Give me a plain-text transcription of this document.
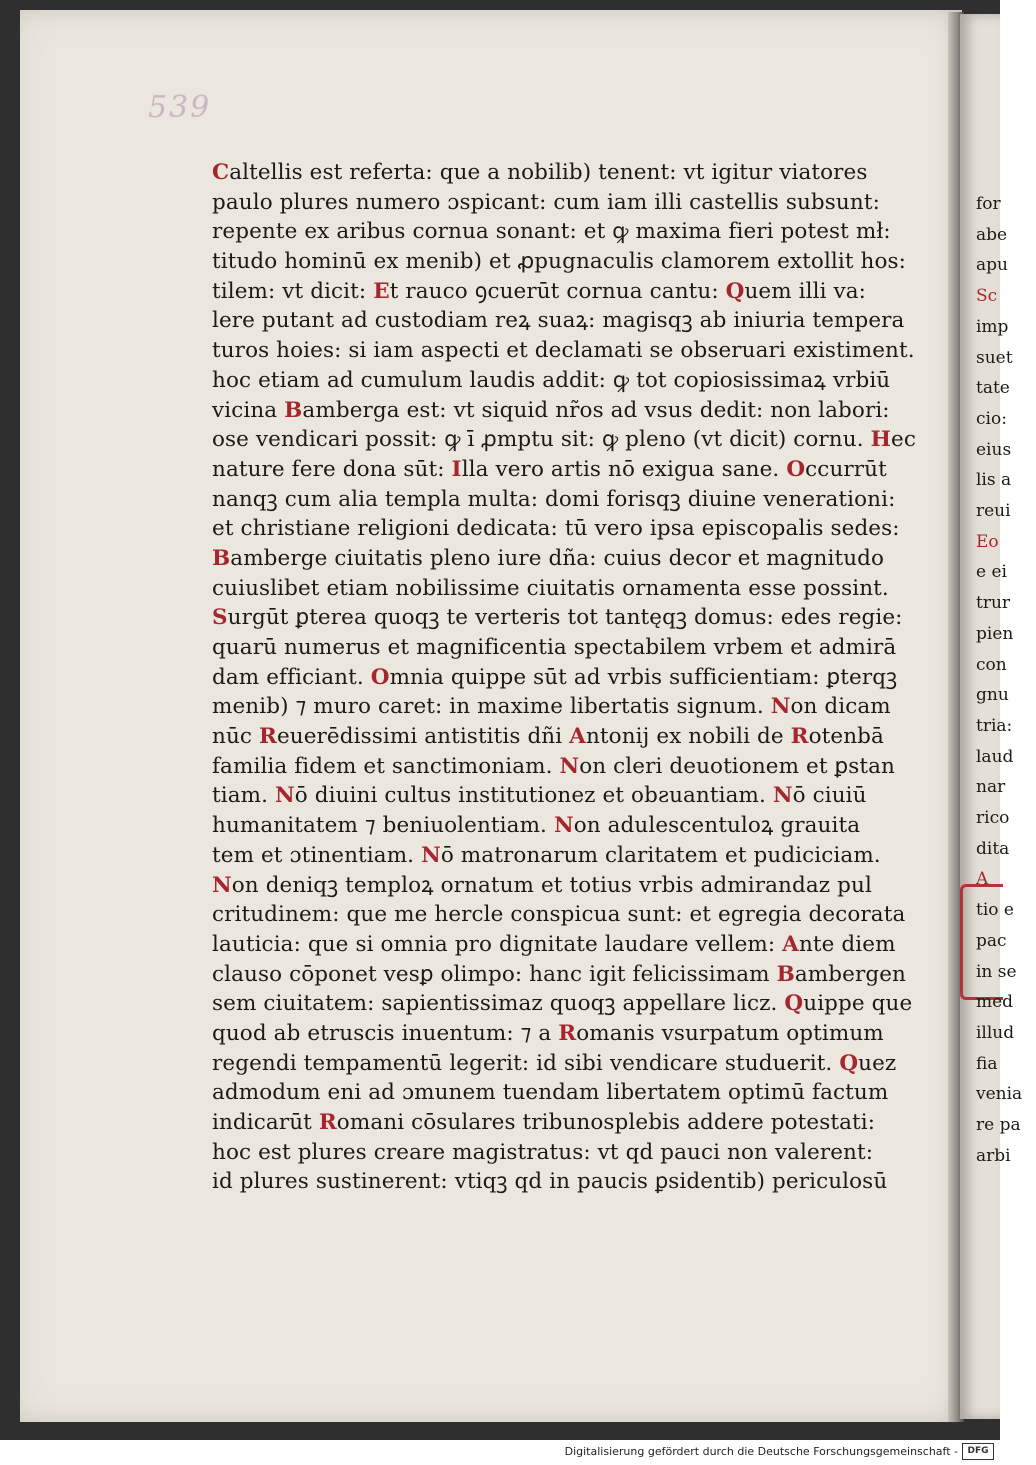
539
Caltellis est referta: que a nobilib) tenent: vt igitur viatores
paulo plures numero ɔspicant: cum iam illi castellis subsunt:
repente ex aribus cornua sonant: et ꝙ maxima fieri potest mł:
titudo hominū ex menib) et ꝓpugnaculis clamorem extollit hos:
tilem: vt dicit: Et rauco ꝯcuerūt cornua cantu: Quem illi va:
lere putant ad custodiam reꝝ suaꝝ: magisqꝫ ab iniuria tempera
turos hoies: si iam aspecti et declamati se obseruari existiment.
hoc etiam ad cumulum laudis addit: ꝙ tot copiosissimaꝝ vrbiū
vicina Bamberga est: vt siquid nr̃os ad vsus dedit: non labori:
ose vendicari possit: ꝙ ī ꝓmptu sit: ꝙ pleno (vt dicit) cornu. Hec
nature fere dona sūt: Illa vero artis nō exigua sane. Occurrūt
nanqꝫ cum alia templa multa: domi forisqꝫ diuine venerationi:
et christiane religioni dedicata: tū vero ipsa episcopalis sedes:
Bamberge ciuitatis pleno iure dña: cuius decor et magnitudo
cuiuslibet etiam nobilissime ciuitatis ornamenta esse possint.
Surgūt ꝑterea quoqꝫ te verteris tot tantęqꝫ domus: edes regie:
quarū numerus et magnificentia spectabilem vrbem et admirā
dam efficiant. Omnia quippe sūt ad vrbis sufficientiam: ꝑterqꝫ
menib) ⁊ muro caret: in maxime libertatis signum. Non dicam
nūc Reuerēdissimi antistitis dñi Antonij ex nobili de Rotenbā
familia fidem et sanctimoniam. Non cleri deuotionem et ꝑstan
tiam. Nō diuini cultus institutionez et obƨuantiam. Nō ciuiū
humanitatem ⁊ beniuolentiam. Non adulescentuloꝝ grauita
tem et ɔtinentiam. Nō matronarum claritatem et pudiciciam.
Non deniqꝫ temploꝝ ornatum et totius vrbis admirandaz pul
critudinem: que me hercle conspicua sunt: et egregia decorata
lauticia: que si omnia pro dignitate laudare vellem: Ante diem
clauso cōponet vesꝑ olimpo: hanc igit felicissimam Bambergen
sem ciuitatem: sapientissimaz quoqꝫ appellare licz. Quippe que
quod ab etruscis inuentum: ⁊ a Romanis vsurpatum optimum
regendi tempamentū legerit: id sibi vendicare studuerit. Quez
admodum eni ad ɔmunem tuendam libertatem optimū factum
indicarūt Romani cōsulares tribunosplebis addere potestati:
hoc est plures creare magistratus: vt qd pauci non valerent:
id plures sustinerent: vtiqꝫ qd in paucis ꝑsidentib) periculosū
for
abe
apu
Sc
imp
suet
tate
cio:
eius
lis a
reui
Eo
e ei
trur
pien
con
gnu
tria:
laud
nar
rico
dita
A
tio e
pac
in se
med
illud
fia
venia
re pa
arbi
Digitalisierung gefördert durch die Deutsche Forschungsgemeinschaft -	DFG
